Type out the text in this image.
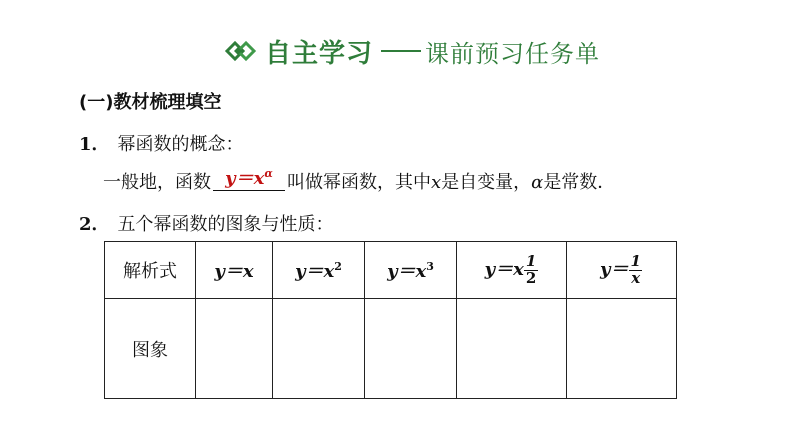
自主学习 课前预习任务单
(一)教材梳理填空
1． 幂函数的概念：
一般地，函数 $y=x^\alpha$ 叫做幂函数，其中x是自变量，α是常数．
2． 五个幂函数的图象与性质：
解析式	y＝x	$y=x^2$	$y=x^3$	$y=x \frac{1}{2}$	$y= \frac{1}{x}$

图象					
